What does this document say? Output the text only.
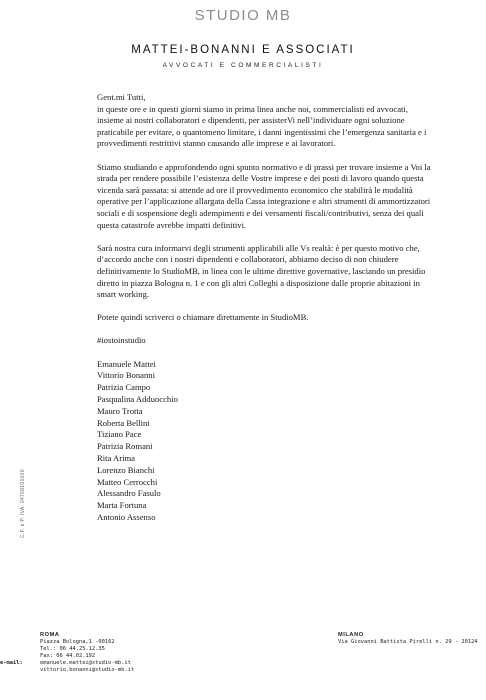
STUDIO MB
MATTEI-BONANNI E ASSOCIATI
AVVOCATI E COMMERCIALISTI
C.F. e P. IVA: 04768101000

Gent.mi Tutti,

in queste ore e in questi giorni siamo in prima linea anche noi, commercialisti ed avvocati, insieme ai nostri collaboratori e dipendenti, per assisterVi nell’individuare ogni soluzione praticabile per evitare, o quantomeno limitare, i danni ingentissimi che l’emergenza sanitaria e i provvedimenti restrittivi stanno causando alle imprese e ai lavoratori.

Stiamo studiando e approfondendo ogni spunto normativo e di prassi per trovare insieme a Voi la strada per rendere possibile l’esistenza delle Vostre imprese e dei posti di lavoro quando questa vicenda sarà passata: si attende ad ore il provvedimento economico che stabilirà le modalità operative per l’applicazione allargata della Cassa integrazione e altri strumenti di ammortizzatori sociali e di sospensione degli adempimenti e dei versamenti fiscali/contributivi, senza dei quali questa catastrofe avrebbe impatti definitivi.

Sarà nostra cura informarvi degli strumenti applicabili alle Vs realtà: è per questo motivo che, d’accordo anche con i nostri dipendenti e collaboratori, abbiamo deciso di non chiudere definitivamente lo StudioMB, in linea con le ultime direttive governative, lasciando un presidio diretto in piazza Bologna n. 1 e con gli altri Colleghi a disposizione dalle proprie abitazioni in smart working.

Potete quindi scriverci o chiamare direttamente in StudioMB.

#iostoinstudio

Emanuele Mattei
Vittorio Bonanni
Patrizia Campo
Pasqualina Adduocchio
Mauro Trotta
Roberta Bellini
Tiziano Pace
Patrizia Romani
Rita Arima
Lorenzo Bianchi
Matteo Cerrocchi
Alessandro Fasulo
Marta Fortuna
Antonio Assenso
ROMA
Piazza Bologna,1 -00162
Tel.: 06 44.25.12.35
Fax: 06 44.02.192
e-mail:	emanuele.mattei@studio-mb.it
vittorio.bonanni@studio-mb.it
MILANO
Via Giovanni Battista Pirelli n. 29 - 20124
